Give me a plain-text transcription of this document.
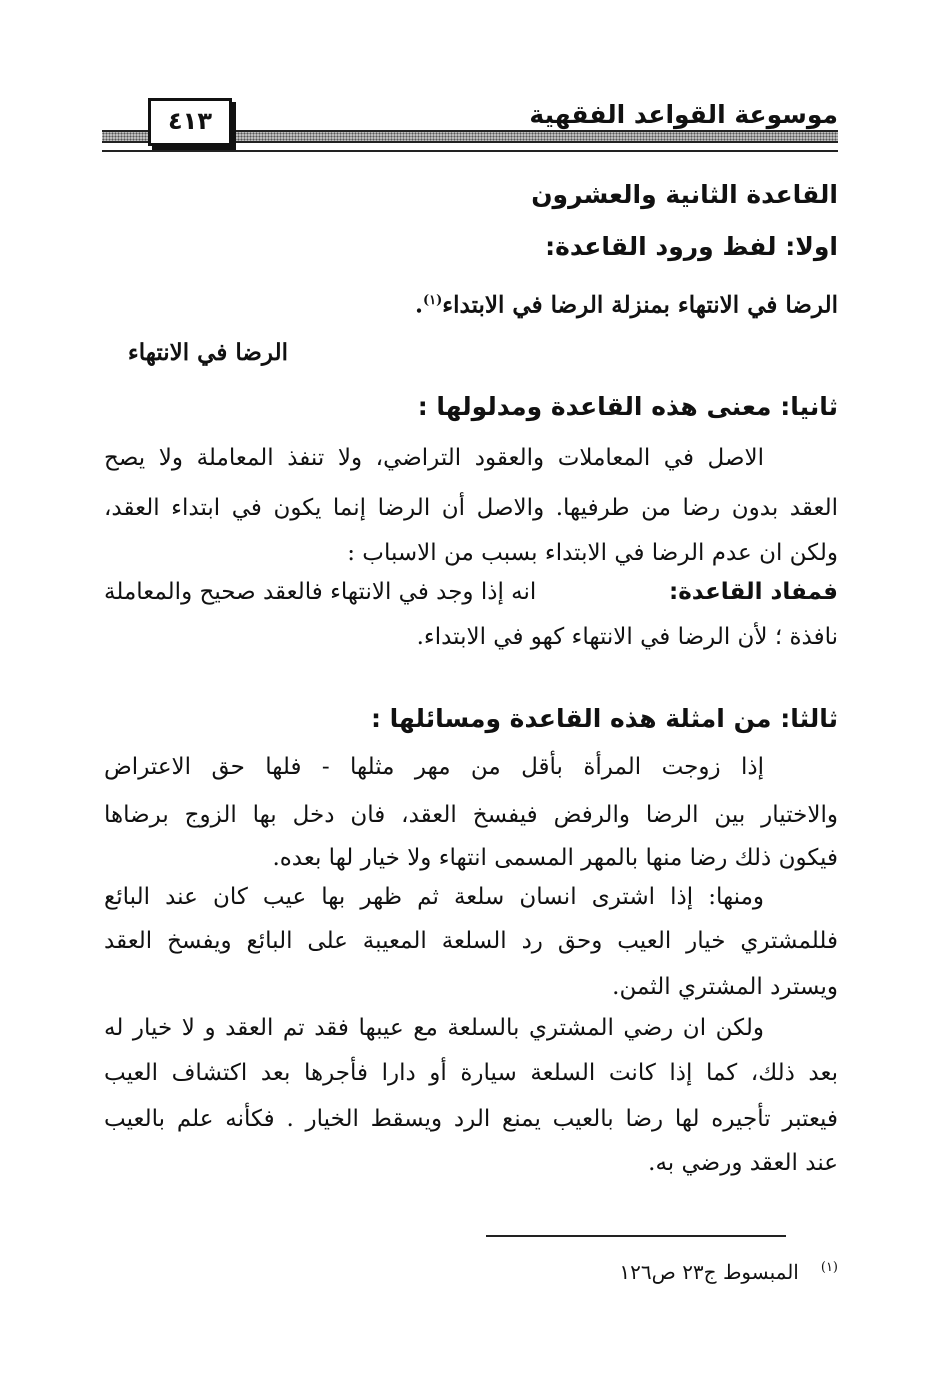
موسوعة القواعد الفقهية
٤١٣
القاعدة الثانية والعشرون
اولا: لفظ ورود القاعدة:
الرضا في الانتهاء بمنزلة الرضا في الابتداء$^{(١)}$.
الرضا في الانتهاء
ثانيا: معنى هذه القاعدة ومدلولها :
الاصل في المعاملات والعقود التراضي، ولا تنفذ المعاملة ولا يصح
العقد بدون رضا من طرفيها. والاصل أن الرضا إنما يكون في ابتداء العقد،
ولكن ان عدم الرضا في الابتداء بسبب من الاسباب :
فمفاد القاعدة:
انه إذا وجد في الانتهاء فالعقد صحيح والمعاملة
نافذة ؛ لأن الرضا في الانتهاء كهو في الابتداء.
ثالثا: من امثلة هذه القاعدة ومسائلها :
إذا زوجت المرأة بأقل من مهر مثلها - فلها حق الاعتراض
والاختيار بين الرضا والرفض فيفسخ العقد، فان دخل بها الزوج برضاها
فيكون ذلك رضا منها بالمهر المسمى انتهاء ولا خيار لها بعده.
ومنها: إذا اشترى انسان سلعة ثم ظهر بها عيب كان عند البائع
فللمشتري خيار العيب وحق رد السلعة المعيبة على البائع ويفسخ العقد
ويسترد المشتري الثمن.
ولكن ان رضي المشتري بالسلعة مع عيبها فقد تم العقد و لا خيار له
بعد ذلك، كما إذا كانت السلعة سيارة أو دارا فأجرها بعد اكتشاف العيب
فيعتبر تأجيره لها رضا بالعيب يمنع الرد ويسقط الخيار . فكأنه علم بالعيب
عند العقد ورضي به.
$^{(١)}$المبسوط ج٢٣ ص١٢٦
